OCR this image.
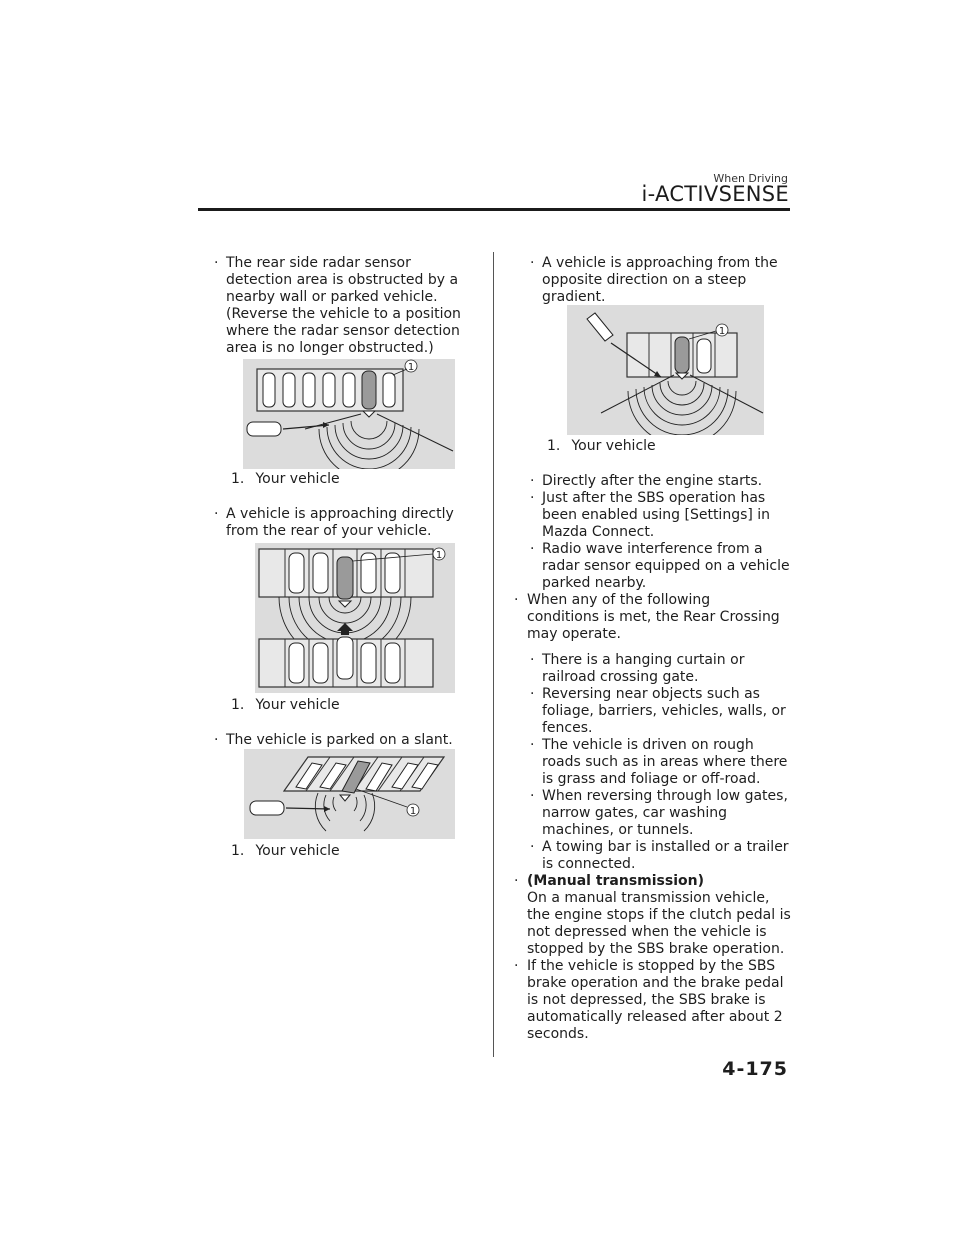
When Driving
i-ACTIVSENSE
· The rear side radar sensor
detection area is obstructed by a
nearby wall or parked vehicle.
(Reverse the vehicle to a position
where the radar sensor detection
area is no longer obstructed.)
1
1. Your vehicle
· A vehicle is approaching directly
from the rear of your vehicle.
1
1. Your vehicle
· The vehicle is parked on a slant.
1
1. Your vehicle
· A vehicle is approaching from the
opposite direction on a steep
gradient.
1
1. Your vehicle
· Directly after the engine starts.
· Just after the SBS operation has
been enabled using [Settings] in
Mazda Connect.
· Radio wave interference from a
radar sensor equipped on a vehicle
parked nearby.
· When any of the following
conditions is met, the Rear Crossing
may operate.
· There is a hanging curtain or
railroad crossing gate.
· Reversing near objects such as
foliage, barriers, vehicles, walls, or
fences.
· The vehicle is driven on rough
roads such as in areas where there
is grass and foliage or off-road.
· When reversing through low gates,
narrow gates, car washing
machines, or tunnels.
· A towing bar is installed or a trailer
is connected.
· (Manual transmission)
On a manual transmission vehicle,
the engine stops if the clutch pedal is
not depressed when the vehicle is
stopped by the SBS brake operation.
· If the vehicle is stopped by the SBS
brake operation and the brake pedal
is not depressed, the SBS brake is
automatically released after about 2
seconds.
4-175
